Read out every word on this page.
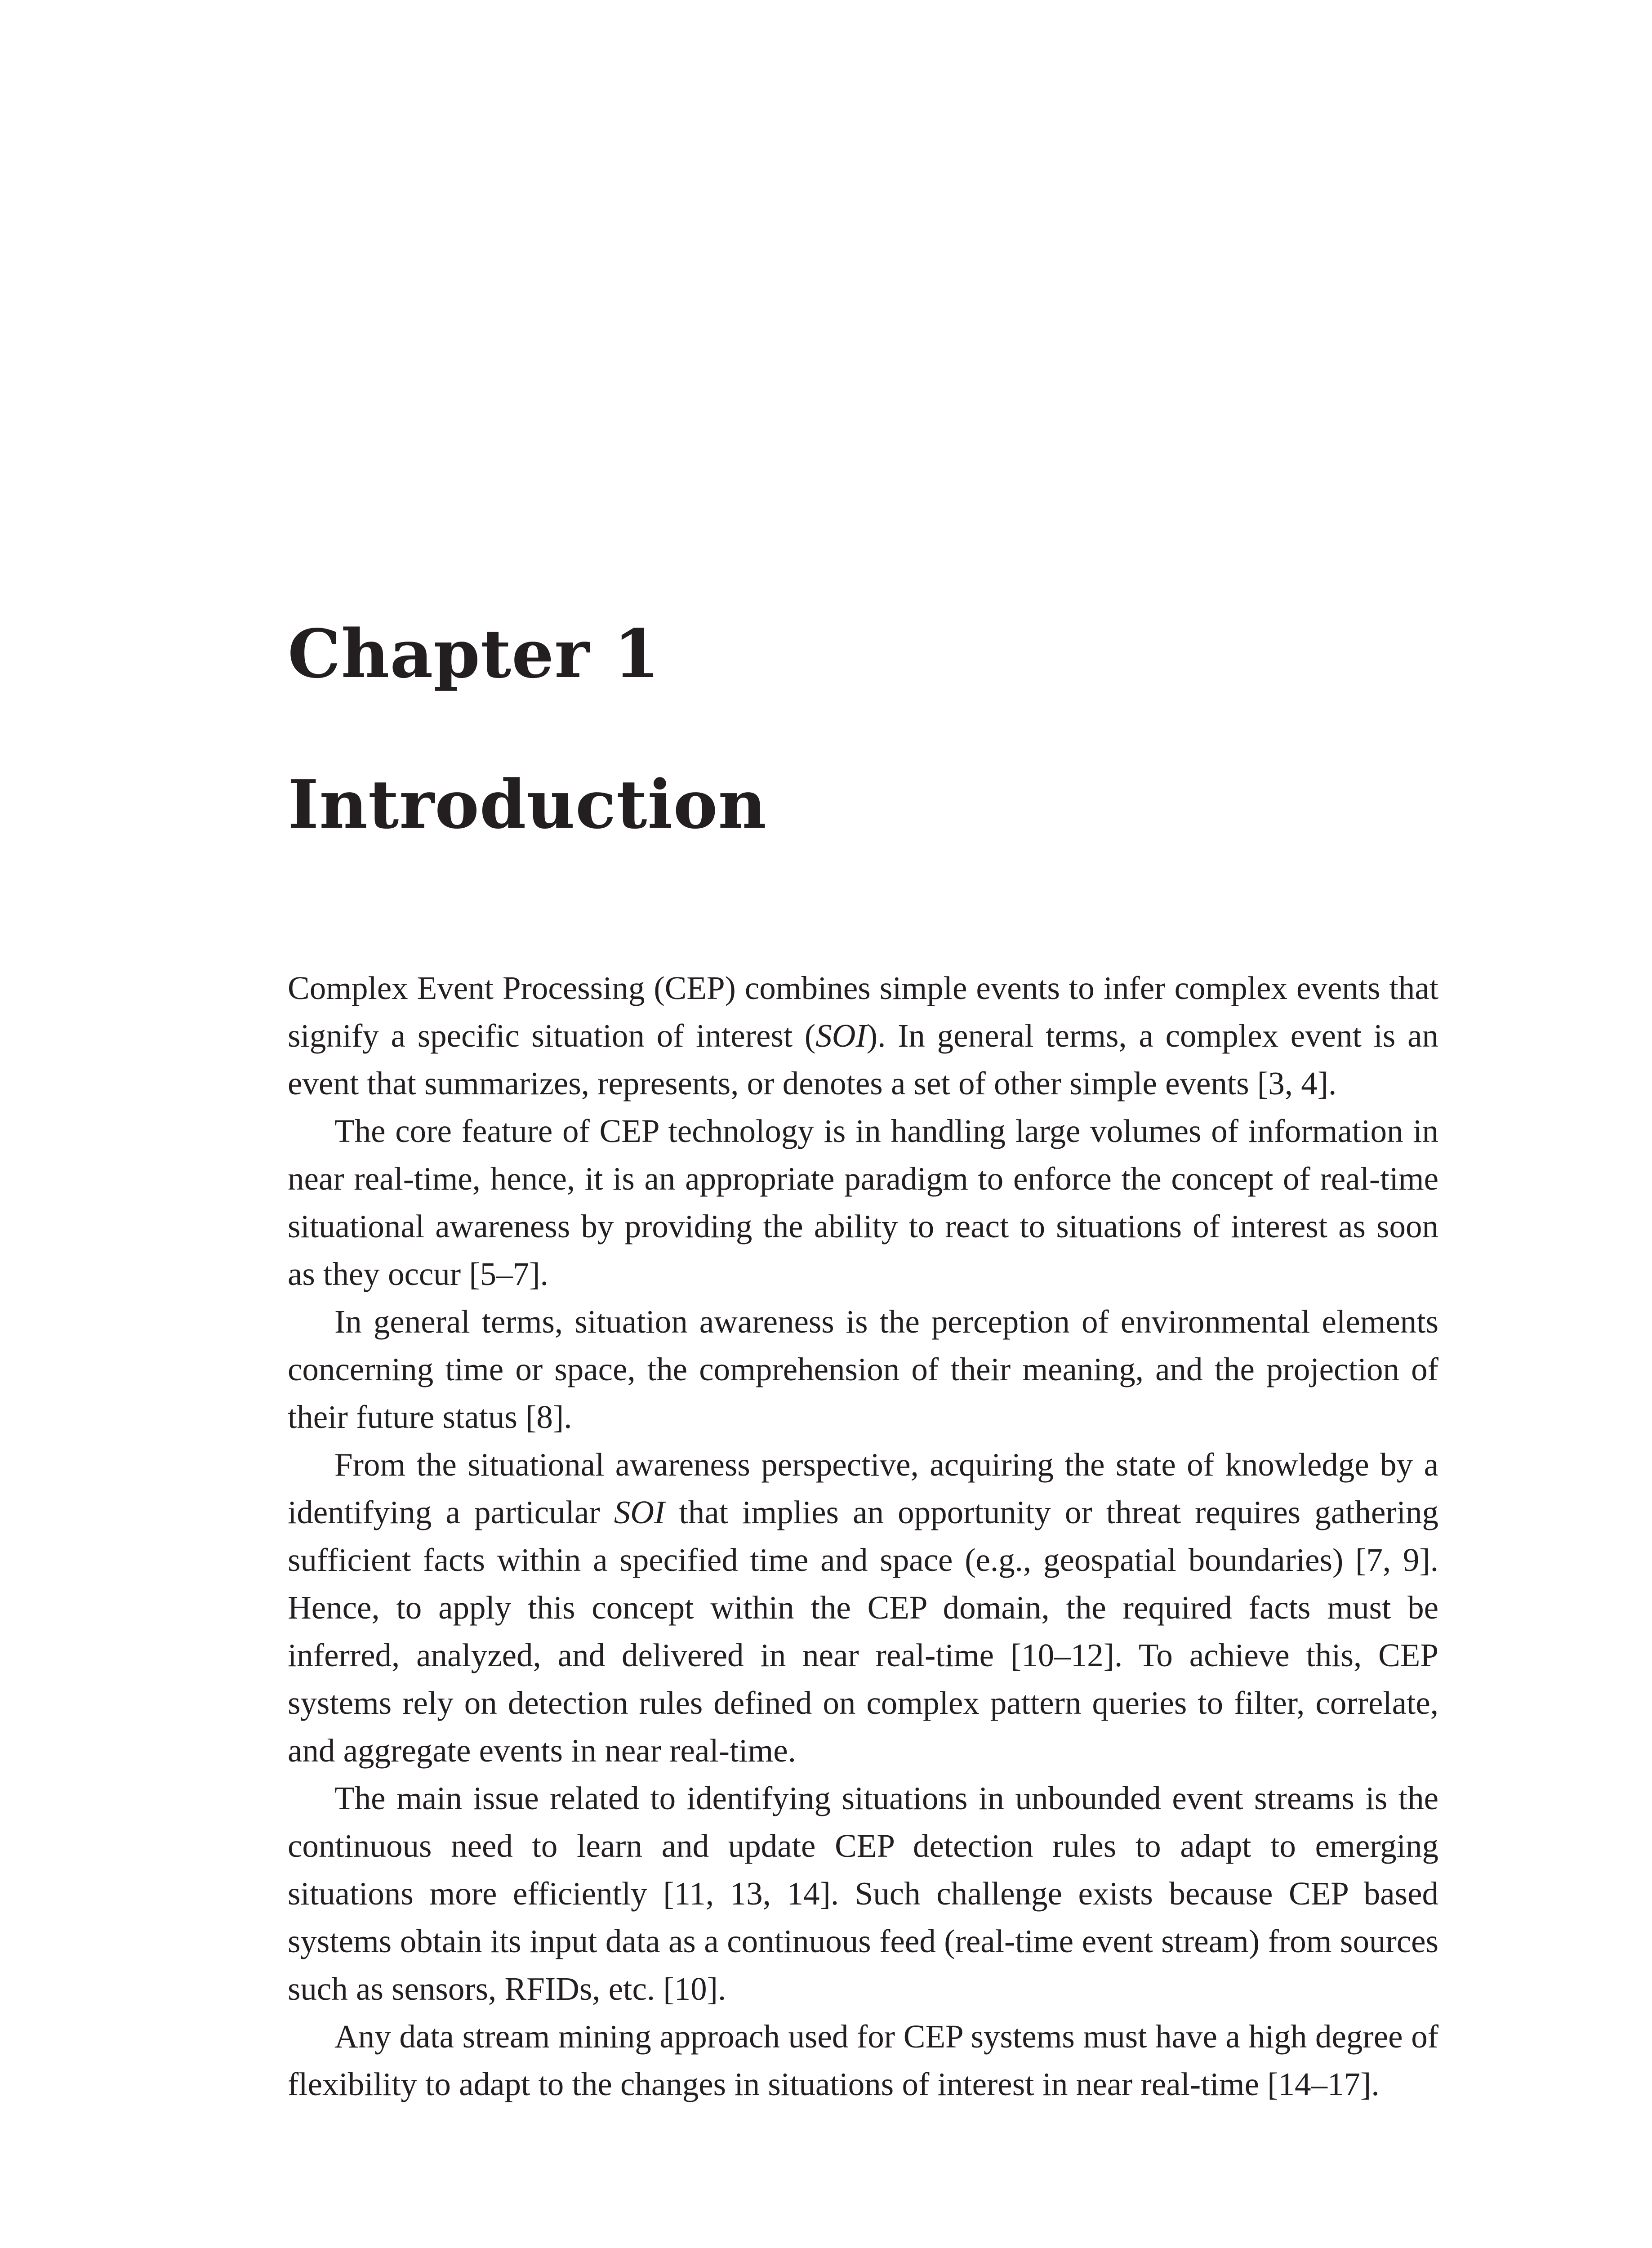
Chapter 1
Introduction

Complex Event Processing (CEP) combines simple events to infer complex events that signify a specific situation of interest (SOI). In general terms, a complex event is an event that summarizes, represents, or denotes a set of other simple events [3, 4].

The core feature of CEP technology is in handling large volumes of information in near real-time, hence, it is an appropriate paradigm to enforce the concept of real-time situational awareness by providing the ability to react to situations of interest as soon as they occur [5–7].

In general terms, situation awareness is the perception of environmental elements concerning time or space, the comprehension of their meaning, and the projection of their future status [8].

From the situational awareness perspective, acquiring the state of knowledge by a identifying a particular SOI that implies an opportunity or threat requires gathering sufficient facts within a specified time and space (e.g., geospatial boundaries) [7, 9]. Hence, to apply this concept within the CEP domain, the required facts must be inferred, analyzed, and delivered in near real-time [10–12]. To achieve this, CEP systems rely on detection rules defined on complex pattern queries to filter, correlate, and aggregate events in near real-time.

The main issue related to identifying situations in unbounded event streams is the continuous need to learn and update CEP detection rules to adapt to emerging situations more efficiently [11, 13, 14]. Such challenge exists because CEP based systems obtain its input data as a continuous feed (real-time event stream) from sources such as sensors, RFIDs, etc. [10].

Any data stream mining approach used for CEP systems must have a high degree of flexibility to adapt to the changes in situations of interest in near real-time [14–17].
